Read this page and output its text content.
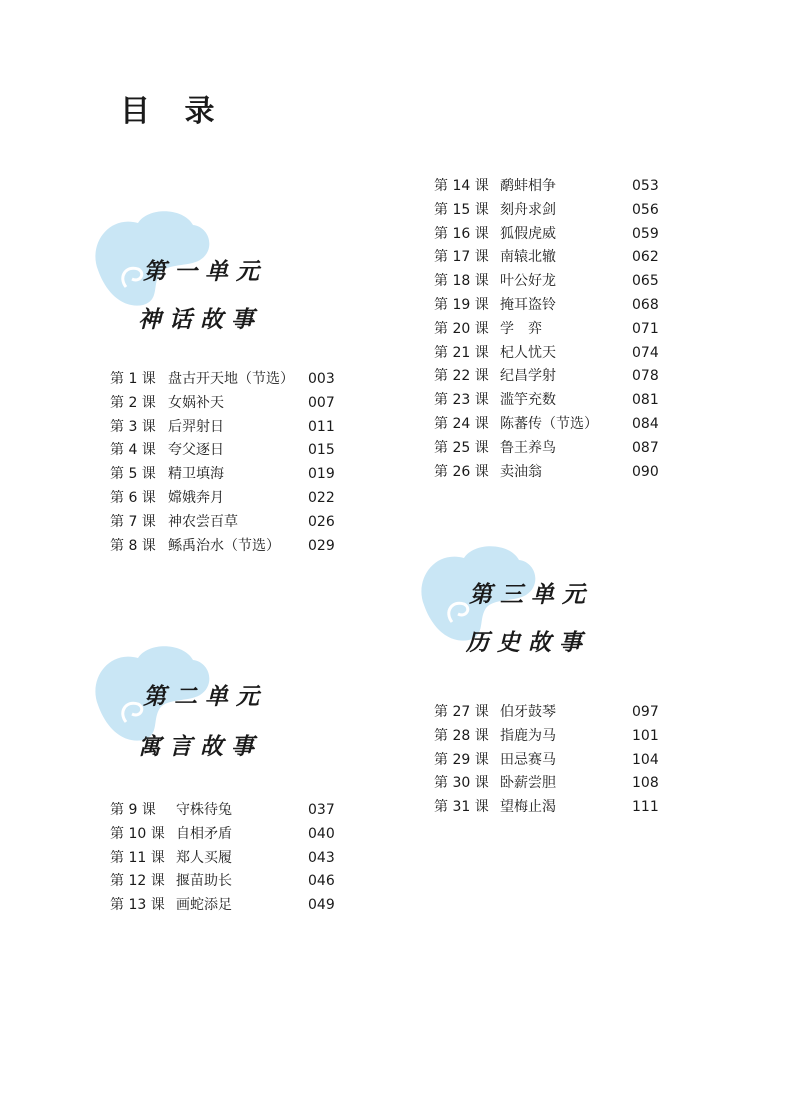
目 录

第一单元

神话故事

第 1 课 盘古开天地（节选） 003
第 2 课 女娲补天	007
第 3 课 后羿射日	011
第 4 课 夸父逐日	015
第 5 课 精卫填海	019
第 6 课 嫦娥奔月	022
第 7 课 神农尝百草	026
第 8 课 鲧禹治水（节选） 029

第二单元

寓言故事

第 9 课 守株待兔	037
第 10 课 自相矛盾	040
第 11 课 郑人买履	043
第 12 课 揠苗助长	046
第 13 课 画蛇添足	049
第 14 课 鹬蚌相争	053
第 15 课 刻舟求剑	056
第 16 课 狐假虎威	059
第 17 课 南辕北辙	062
第 18 课 叶公好龙	065
第 19 课 掩耳盗铃	068
第 20 课 学　弈	071
第 21 课 杞人忧天	074
第 22 课 纪昌学射	078
第 23 课 滥竽充数	081
第 24 课 陈蕃传（节选） 084
第 25 课 鲁王养鸟	087
第 26 课 卖油翁	090

第三单元

历史故事

第 27 课 伯牙鼓琴	097
第 28 课 指鹿为马	101
第 29 课 田忌赛马	104
第 30 课 卧薪尝胆	108
第 31 课 望梅止渴	111
